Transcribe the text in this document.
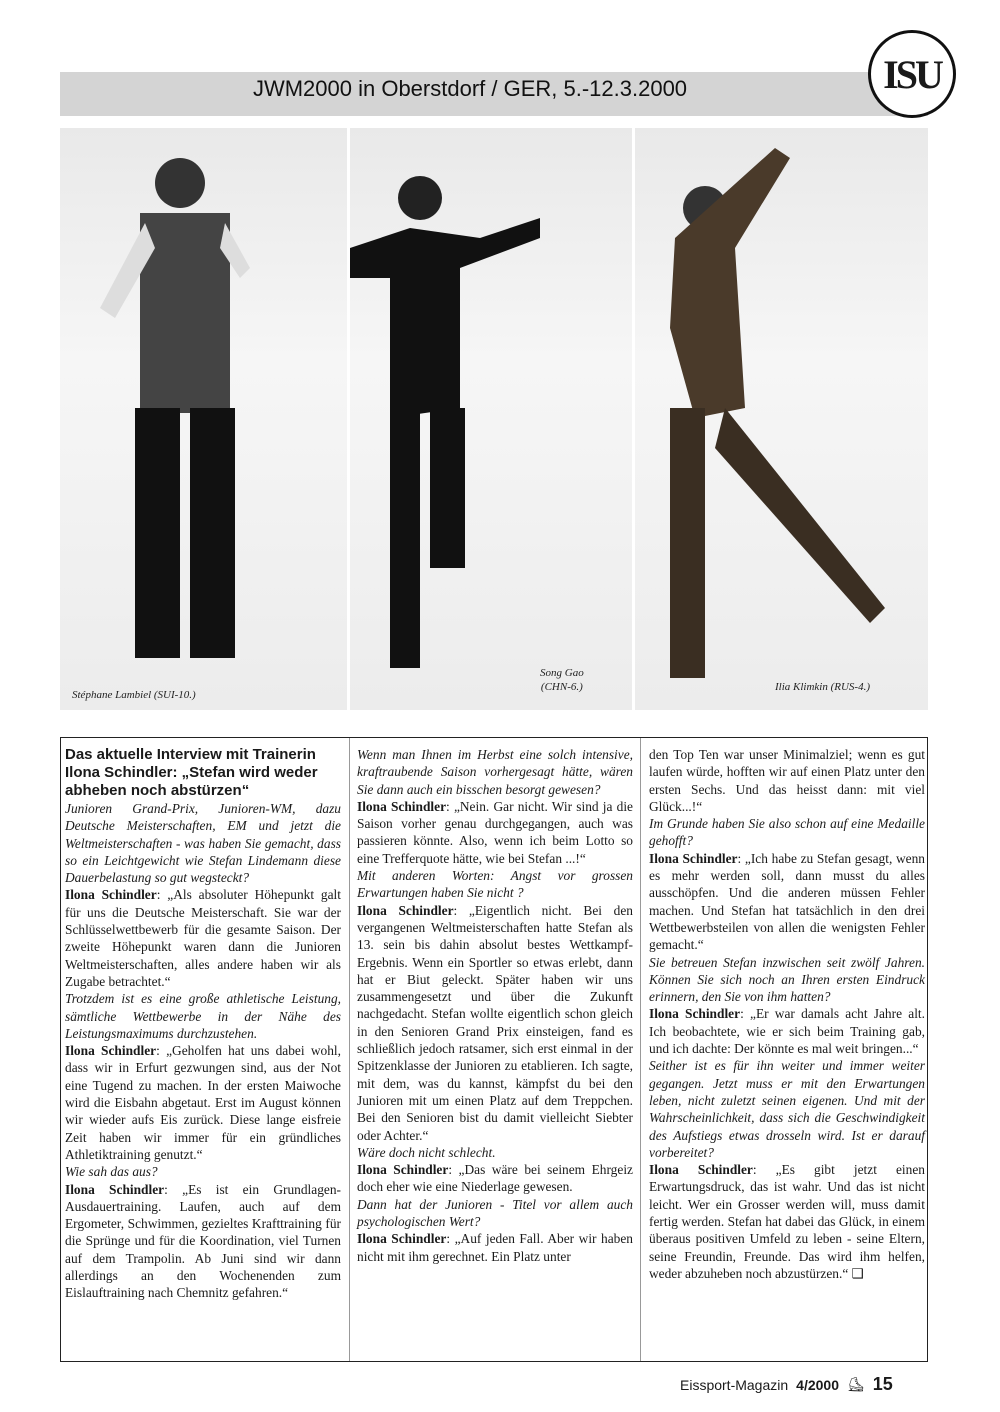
JWM2000 in Oberstdorf / GER, 5.-12.3.2000	ISU
Stéphane Lambiel (SUI-10.)
Song Gao
(CHN-6.)	Ilia Klimkin (RUS-4.)

Das aktuelle Interview mit Trainerin Ilona Schindler: „Stefan wird weder abheben noch abstürzen“

Junioren Grand-Prix, Junioren-WM, dazu Deutsche Meisterschaften, EM und jetzt die Weltmeisterschaften - was haben Sie gemacht, dass so ein Leichtgewicht wie Stefan Lindemann diese Dauerbelastung so gut wegsteckt?

Ilona Schindler: „Als absoluter Höhepunkt galt für uns die Deutsche Meisterschaft. Sie war der Schlüsselwettbewerb für die gesamte Saison. Der zweite Höhepunkt waren dann die Junioren Weltmeisterschaften, alles andere haben wir als Zugabe betrachtet.“

Trotzdem ist es eine große athletische Leistung, sämtliche Wettbewerbe in der Nähe des Leistungsmaximums durchzustehen.

Ilona Schindler: „Geholfen hat uns dabei wohl, dass wir in Erfurt gezwungen sind, aus der Not eine Tugend zu machen. In der ersten Maiwoche wird die Eisbahn abgetaut. Erst im August können wir wieder aufs Eis zurück. Diese lange eisfreie Zeit haben wir immer für ein gründliches Athletiktraining genutzt.“

Wie sah das aus?

Ilona Schindler: „Es ist ein Grundlagen-Ausdauertraining. Laufen, auch auf dem Ergometer, Schwimmen, gezieltes Krafttraining für die Sprünge und für die Koordination, viel Turnen auf dem Trampolin. Ab Juni sind wir dann allerdings an den Wochenenden zum Eislauftraining nach Chemnitz gefahren.“

Wenn man Ihnen im Herbst eine solch intensive, kraftraubende Saison vorhergesagt hätte, wären Sie dann auch ein bisschen besorgt gewesen?

Ilona Schindler: „Nein. Gar nicht. Wir sind ja die Saison vorher genau durchgegangen, auch was passieren könnte. Also, wenn ich beim Lotto so eine Trefferquote hätte, wie bei Stefan ...!“

Mit anderen Worten: Angst vor grossen Erwartungen haben Sie nicht ?

Ilona Schindler: „Eigentlich nicht. Bei den vergangenen Weltmeisterschaften hatte Stefan als 13. sein bis dahin absolut bestes Wettkampf-Ergebnis. Wenn ein Sportler so etwas erlebt, dann hat er Biut geleckt. Später haben wir uns zusammengesetzt und über die Zukunft nachgedacht. Stefan wollte eigentlich schon gleich in den Senioren Grand Prix einsteigen, fand es schließlich jedoch ratsamer, sich erst einmal in der Spitzenklasse der Junioren zu etablieren. Ich sagte, mit dem, was du kannst, kämpfst du bei den Junioren mit um einen Platz auf dem Treppchen. Bei den Senioren bist du damit vielleicht Siebter oder Achter.“

Wäre doch nicht schlecht.

Ilona Schindler: „Das wäre bei seinem Ehrgeiz doch eher wie eine Niederlage gewesen.

Dann hat der Junioren - Titel vor allem auch psychologischen Wert?

Ilona Schindler: „Auf jeden Fall. Aber wir haben nicht mit ihm gerechnet. Ein Platz unter

den Top Ten war unser Minimalziel; wenn es gut laufen würde, hofften wir auf einen Platz unter den ersten Sechs. Und das heisst dann: mit viel Glück...!“

Im Grunde haben Sie also schon auf eine Medaille gehofft?

Ilona Schindler: „Ich habe zu Stefan gesagt, wenn es mehr werden soll, dann musst du alles ausschöpfen. Und die anderen müssen Fehler machen. Und Stefan hat tatsächlich in den drei Wettbewerbsteilen von allen die wenigsten Fehler gemacht.“

Sie betreuen Stefan inzwischen seit zwölf Jahren. Können Sie sich noch an Ihren ersten Eindruck erinnern, den Sie von ihm hatten?

Ilona Schindler: „Er war damals acht Jahre alt. Ich beobachtete, wie er sich beim Training gab, und ich dachte: Der könnte es mal weit bringen...“

Seither ist es für ihn weiter und immer weiter gegangen. Jetzt muss er mit den Erwartungen leben, nicht zuletzt seinen eigenen. Und mit der Wahrscheinlichkeit, dass sich die Geschwindigkeit des Aufstiegs etwas drosseln wird. Ist er darauf vorbereitet?

Ilona Schindler: „Es gibt jetzt einen Erwartungsdruck, das ist wahr. Und das ist nicht leicht. Wer ein Grosser werden will, muss damit fertig werden. Stefan hat dabei das Glück, in einem überaus positiven Umfeld zu leben - seine Eltern, seine Freundin, Freunde. Das wird ihm helfen, weder abzuheben noch abzustürzen.“ ❑

Eissport-Magazin 4/2000 ⛸ 15
